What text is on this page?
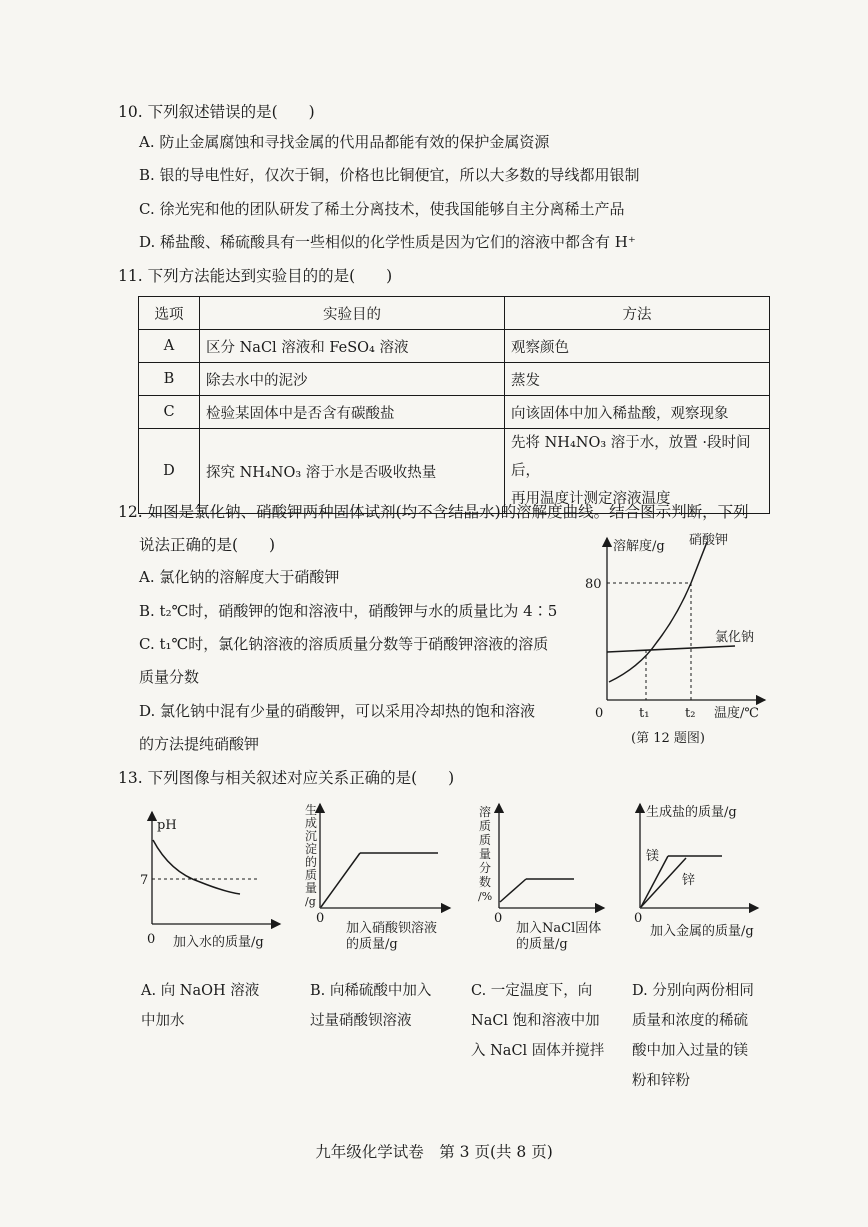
10. 下列叙述错误的是(　　)
A. 防止金属腐蚀和寻找金属的代用品都能有效的保护金属资源
B. 银的导电性好，仅次于铜，价格也比铜便宜，所以大多数的导线都用银制
C. 徐光宪和他的团队研发了稀土分离技术，使我国能够自主分离稀土产品
D. 稀盐酸、稀硫酸具有一些相似的化学性质是因为它们的溶液中都含有 H⁺
11. 下列方法能达到实验目的的是(　　)
选项	实验目的	方法
A	区分 NaCl 溶液和 FeSO₄ 溶液	观察颜色
B	除去水中的泥沙	蒸发
C	检验某固体中是否含有碳酸盐	向该固体中加入稀盐酸，观察现象
D	探究 NH₄NO₃ 溶于水是否吸收热量	先将 NH₄NO₃ 溶于水，放置 ·段时间后，
再用温度计测定溶液温度
12. 如图是氯化钠、硝酸钾两种固体试剂(均不含结晶水)的溶解度曲线。结合图示判断，下列
说法正确的是(　　)
A. 氯化钠的溶解度大于硝酸钾
B. t₂℃时，硝酸钾的饱和溶液中，硝酸钾与水的质量比为 4∶5
C. t₁℃时，氯化钠溶液的溶质质量分数等于硝酸钾溶液的溶质
质量分数
D. 氯化钠中混有少量的硝酸钾，可以采用冷却热的饱和溶液
的方法提纯硝酸钾
溶解度/g
0
80
硝酸钾
氯化钠
t₁	t₂ 温度/℃
(第 12 题图)
13. 下列图像与相关叙述对应关系正确的是(　　)
pH
7
0 加入水的质量/g
生
成
沉
淀
的
质
量
/g
0
加入硝酸钡溶液
的质量/g
溶
质
质
量
分
数
/%
0
加入NaCl固体
的质量/g
生成盐的质量/g
镁
锌
0
加入金属的质量/g
A. 向 NaOH 溶液中加水
B. 向稀硫酸中加入过量硝酸钡溶液
C. 一定温度下，向 NaCl 饱和溶液中加入 NaCl 固体并搅拌
D. 分别向两份相同质量和浓度的稀硫酸中加入过量的镁粉和锌粉
九年级化学试卷　第 3 页(共 8 页)
